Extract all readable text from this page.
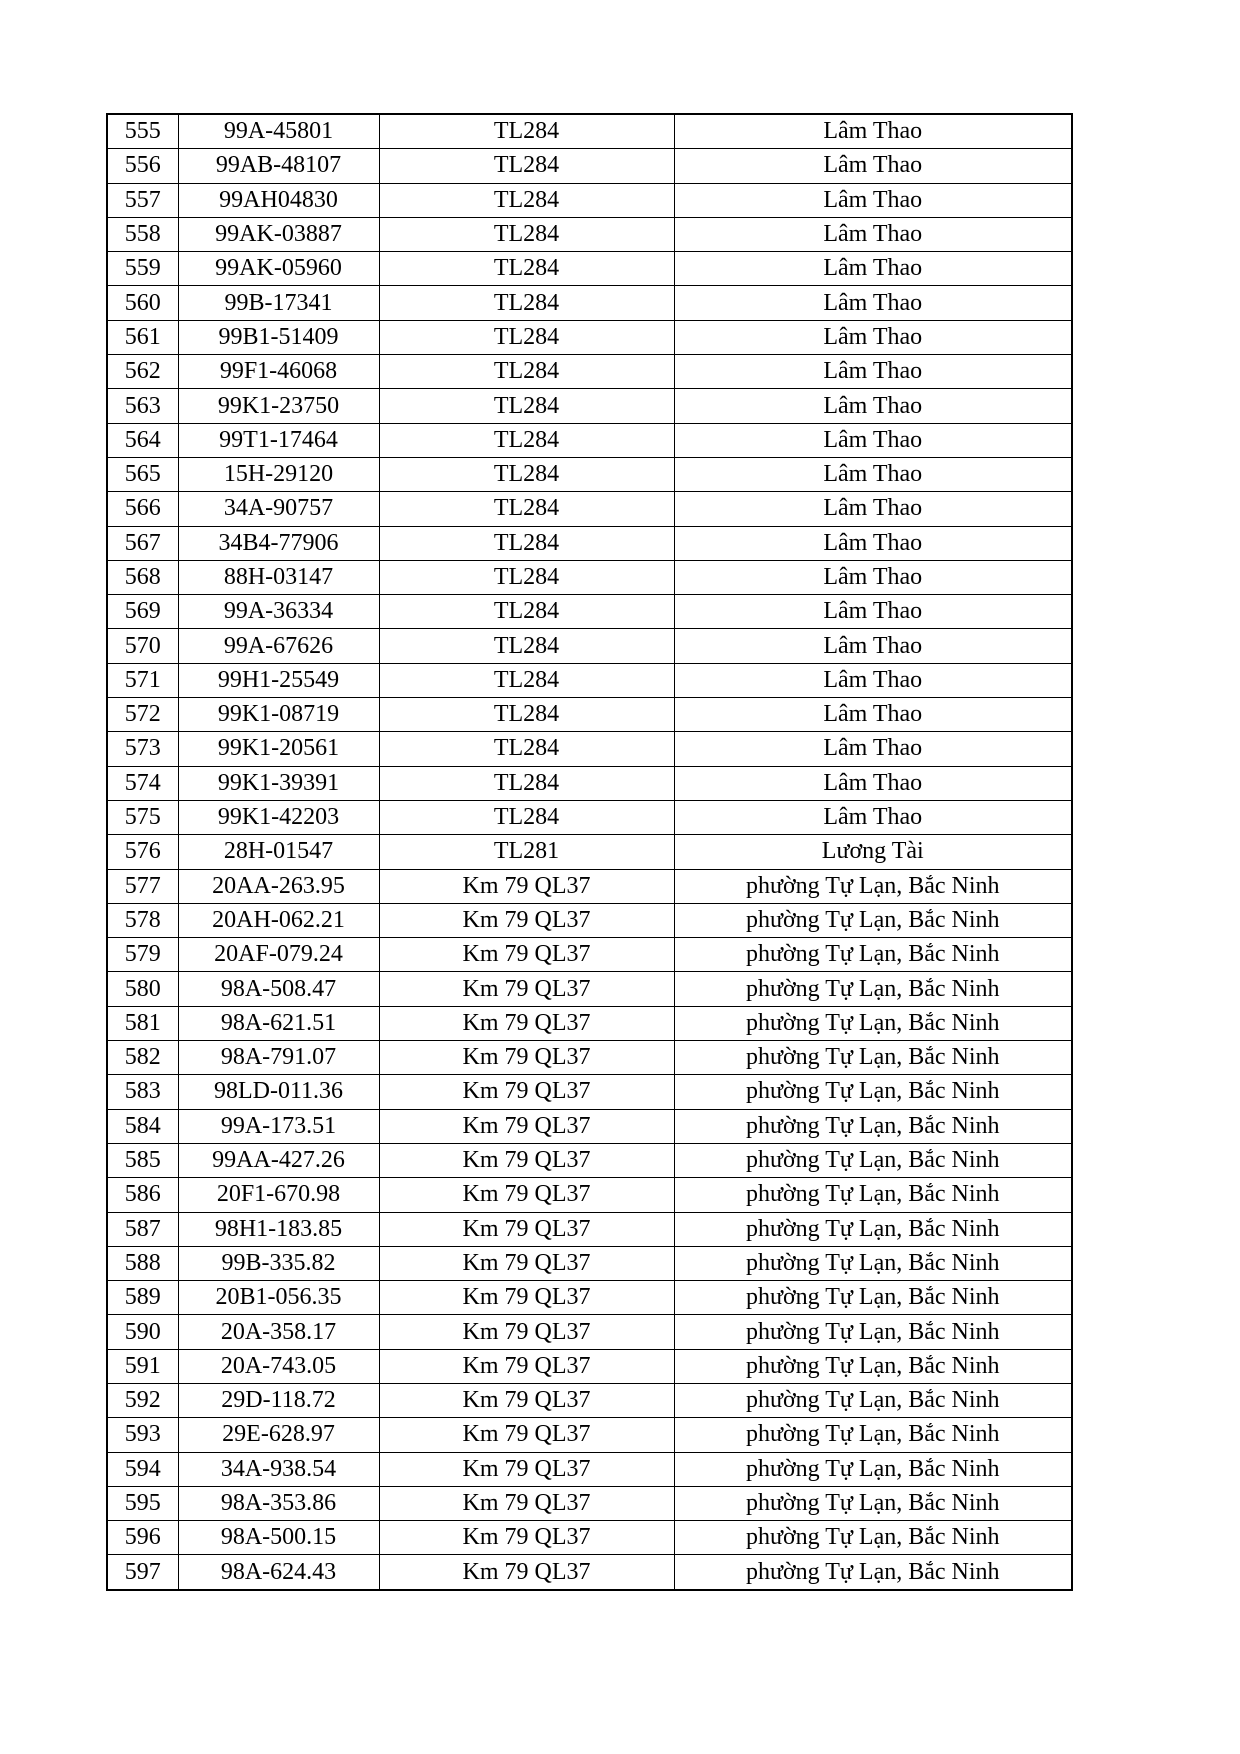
555	99A-45801	TL284	Lâm Thao
556	99AB-48107	TL284	Lâm Thao
557	99AH04830	TL284	Lâm Thao
558	99AK-03887	TL284	Lâm Thao
559	99AK-05960	TL284	Lâm Thao
560	99B-17341	TL284	Lâm Thao
561	99B1-51409	TL284	Lâm Thao
562	99F1-46068	TL284	Lâm Thao
563	99K1-23750	TL284	Lâm Thao
564	99T1-17464	TL284	Lâm Thao
565	15H-29120	TL284	Lâm Thao
566	34A-90757	TL284	Lâm Thao
567	34B4-77906	TL284	Lâm Thao
568	88H-03147	TL284	Lâm Thao
569	99A-36334	TL284	Lâm Thao
570	99A-67626	TL284	Lâm Thao
571	99H1-25549	TL284	Lâm Thao
572	99K1-08719	TL284	Lâm Thao
573	99K1-20561	TL284	Lâm Thao
574	99K1-39391	TL284	Lâm Thao
575	99K1-42203	TL284	Lâm Thao
576	28H-01547	TL281	Lương Tài
577	20AA-263.95	Km 79 QL37	phường Tự Lạn, Bắc Ninh
578	20AH-062.21	Km 79 QL37	phường Tự Lạn, Bắc Ninh
579	20AF-079.24	Km 79 QL37	phường Tự Lạn, Bắc Ninh
580	98A-508.47	Km 79 QL37	phường Tự Lạn, Bắc Ninh
581	98A-621.51	Km 79 QL37	phường Tự Lạn, Bắc Ninh
582	98A-791.07	Km 79 QL37	phường Tự Lạn, Bắc Ninh
583	98LD-011.36	Km 79 QL37	phường Tự Lạn, Bắc Ninh
584	99A-173.51	Km 79 QL37	phường Tự Lạn, Bắc Ninh
585	99AA-427.26	Km 79 QL37	phường Tự Lạn, Bắc Ninh
586	20F1-670.98	Km 79 QL37	phường Tự Lạn, Bắc Ninh
587	98H1-183.85	Km 79 QL37	phường Tự Lạn, Bắc Ninh
588	99B-335.82	Km 79 QL37	phường Tự Lạn, Bắc Ninh
589	20B1-056.35	Km 79 QL37	phường Tự Lạn, Bắc Ninh
590	20A-358.17	Km 79 QL37	phường Tự Lạn, Bắc Ninh
591	20A-743.05	Km 79 QL37	phường Tự Lạn, Bắc Ninh
592	29D-118.72	Km 79 QL37	phường Tự Lạn, Bắc Ninh
593	29E-628.97	Km 79 QL37	phường Tự Lạn, Bắc Ninh
594	34A-938.54	Km 79 QL37	phường Tự Lạn, Bắc Ninh
595	98A-353.86	Km 79 QL37	phường Tự Lạn, Bắc Ninh
596	98A-500.15	Km 79 QL37	phường Tự Lạn, Bắc Ninh
597	98A-624.43	Km 79 QL37	phường Tự Lạn, Bắc Ninh
